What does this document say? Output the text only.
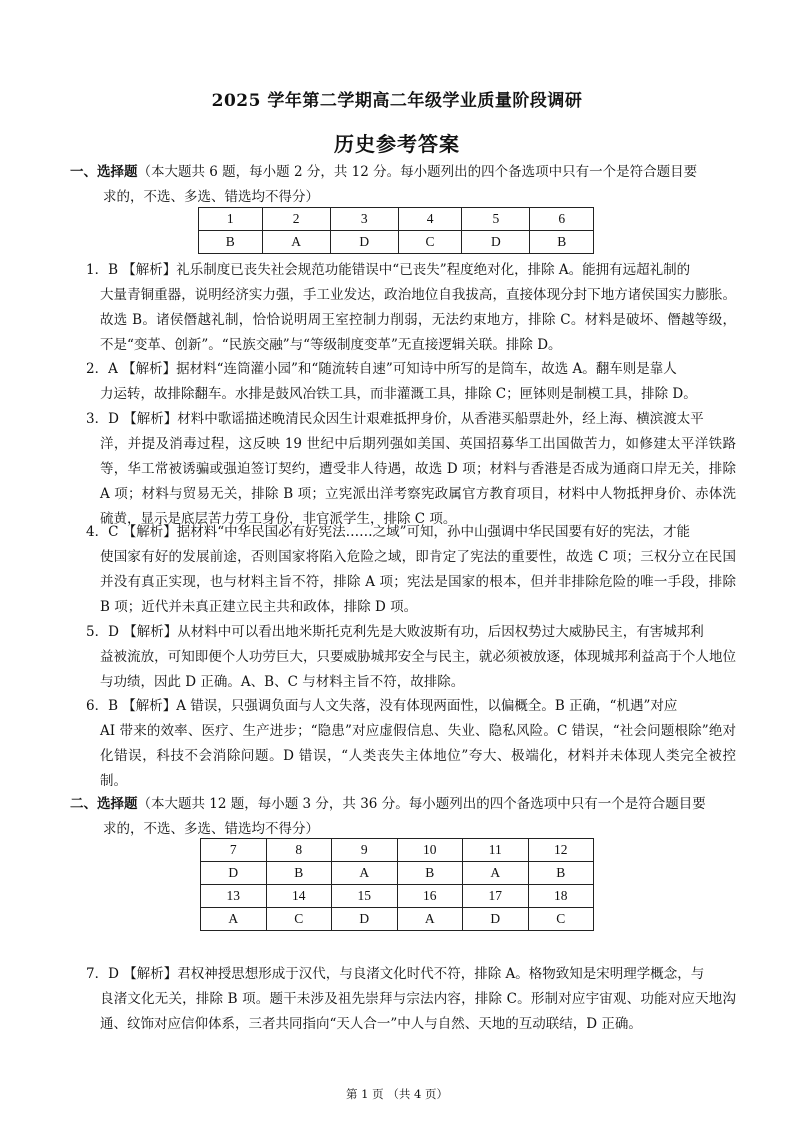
2025 学年第二学期高二年级学业质量阶段调研
历史参考答案
一、选择题（本大题共 6 题，每小题 2 分，共 12 分。每小题列出的四个备选项中只有一个是符合题目要
求的，不选、多选、错选均不得分）
1	2	3	4	5	6
B	A	D	C	D	B
1．B 【解析】礼乐制度已丧失社会规范功能错误中“已丧失”程度绝对化，排除 A。能拥有远超礼制的
大量青铜重器，说明经济实力强，手工业发达，政治地位自我拔高，直接体现分封下地方诸侯国实力膨胀。故选 B。诸侯僭越礼制，恰恰说明周王室控制力削弱，无法约束地方，排除 C。材料是破坏、僭越等级，不是“变革、创新”。“民族交融”与“等级制度变革”无直接逻辑关联。排除 D。
2．A 【解析】据材料“连筒灌小园”和“随流转自速”可知诗中所写的是筒车，故选 A。翻车则是靠人
力运转，故排除翻车。水排是鼓风冶铁工具，而非灌溉工具，排除 C；匣钵则是制模工具，排除 D。
3．D 【解析】材料中歌谣描述晚清民众因生计艰难抵押身价，从香港买船票赴外，经上海、横滨渡太平
洋，并提及消毒过程，这反映 19 世纪中后期列强如美国、英国招募华工出国做苦力，如修建太平洋铁路等，华工常被诱骗或强迫签订契约，遭受非人待遇，故选 D 项；材料与香港是否成为通商口岸无关，排除 A 项；材料与贸易无关，排除 B 项；立宪派出洋考察宪政属官方教育项目，材料中人物抵押身价、赤体洗硫黄，显示是底层苦力劳工身份，非官派学生，排除 C 项。
4．C 【解析】据材料“中华民国必有好宪法……之域”可知，孙中山强调中华民国要有好的宪法，才能
使国家有好的发展前途，否则国家将陷入危险之域，即肯定了宪法的重要性，故选 C 项；三权分立在民国并没有真正实现，也与材料主旨不符，排除 A 项；宪法是国家的根本，但并非排除危险的唯一手段，排除 B 项；近代并未真正建立民主共和政体，排除 D 项。
5．D 【解析】从材料中可以看出地米斯托克利先是大败波斯有功，后因权势过大威胁民主，有害城邦利
益被流放，可知即便个人功劳巨大，只要威胁城邦安全与民主，就必须被放逐，体现城邦利益高于个人地位与功绩，因此 D 正确。A、B、C 与材料主旨不符，故排除。
6．B 【解析】A 错误，只强调负面与人文失落，没有体现两面性，以偏概全。B 正确，“机遇”对应
AI 带来的效率、医疗、生产进步；“隐患”对应虚假信息、失业、隐私风险。C 错误，“社会问题根除”绝对化错误，科技不会消除问题。D 错误，“人类丧失主体地位”夸大、极端化，材料并未体现人类完全被控制。
二、选择题（本大题共 12 题，每小题 3 分，共 36 分。每小题列出的四个备选项中只有一个是符合题目要
求的，不选、多选、错选均不得分）
7	8	9	10	11	12
D	B	A	B	A	B
13	14	15	16	17	18
A	C	D	A	D	C
7．D 【解析】君权神授思想形成于汉代，与良渚文化时代不符，排除 A。格物致知是宋明理学概念，与
良渚文化无关，排除 B 项。题干未涉及祖先崇拜与宗法内容，排除 C。形制对应宇宙观、功能对应天地沟通、纹饰对应信仰体系，三者共同指向“天人合一”中人与自然、天地的互动联结，D 正确。
第 1 页 （共 4 页）
